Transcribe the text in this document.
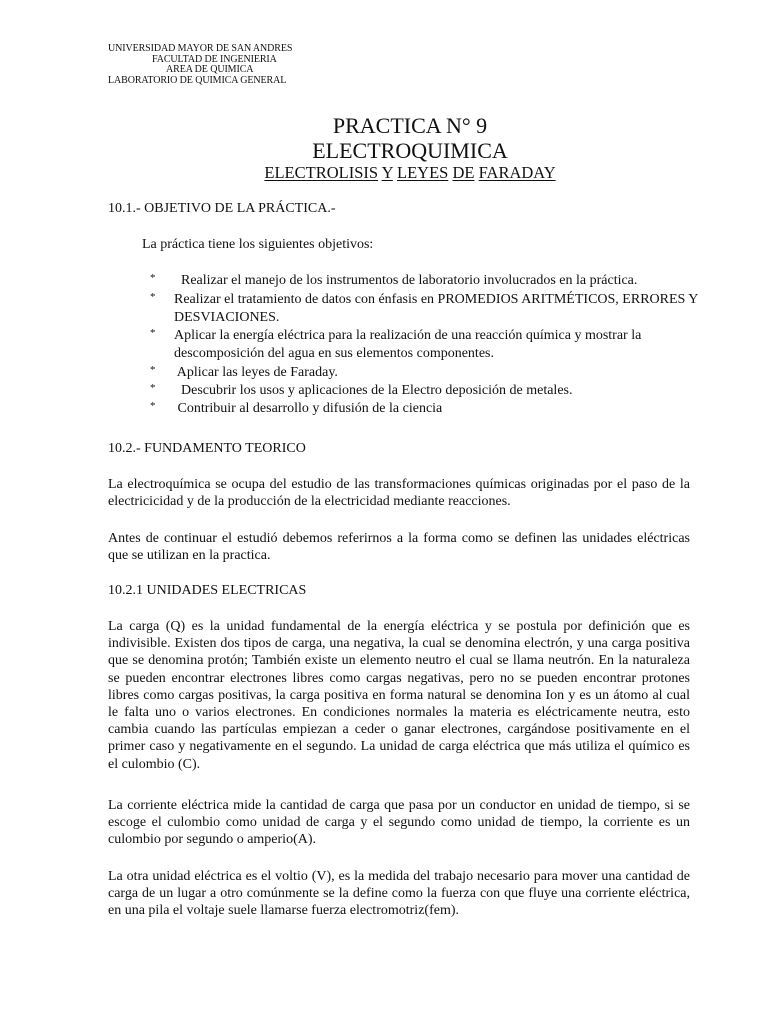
UNIVERSIDAD MAYOR DE SAN ANDRES
FACULTAD DE INGENIERIA
AREA DE QUIMICA
LABORATORIO DE QUIMICA GENERAL
PRACTICA N° 9
ELECTROQUIMICA
ELECTROLISIS Y LEYES DE FARADAY
10.1.- OBJETIVO DE LA PRÁCTICA.-
La práctica tiene los siguientes objetivos:
* Realizar el manejo de los instrumentos de laboratorio involucrados en la práctica.
* Realizar el tratamiento de datos con énfasis en PROMEDIOS ARITMÉTICOS, ERRORES Y DESVIACIONES.
* Aplicar la energía eléctrica para la realización de una reacción química y mostrar la descomposición del agua en sus elementos componentes.
* Aplicar las leyes de Faraday.
* Descubrir los usos y aplicaciones de la Electro deposición de metales.
* Contribuir al desarrollo y difusión de la ciencia
10.2.- FUNDAMENTO TEORICO
La electroquímica se ocupa del estudio de las transformaciones químicas originadas por el paso de la electricicidad y de la producción de la electricidad mediante reacciones.
Antes de continuar el estudió debemos referirnos a la forma como se definen las unidades eléctricas que se utilizan en la practica.
10.2.1 UNIDADES ELECTRICAS
La carga (Q) es la unidad fundamental de la energía eléctrica y se postula por definición que es indivisible. Existen dos tipos de carga, una negativa, la cual se denomina electrón, y una carga positiva que se denomina protón; También existe un elemento neutro el cual se llama neutrón. En la naturaleza se pueden encontrar electrones libres como cargas negativas, pero no se pueden encontrar protones libres como cargas positivas, la carga positiva en forma natural se denomina Ion y es un átomo al cual le falta uno o varios electrones. En condiciones normales la materia es eléctricamente neutra, esto cambia cuando las partículas empiezan a ceder o ganar electrones, cargándose positivamente en el primer caso y negativamente en el segundo. La unidad de carga eléctrica que más utiliza el químico es el culombio (C).
La corriente eléctrica mide la cantidad de carga que pasa por un conductor en unidad de tiempo, si se escoge el culombio como unidad de carga y el segundo como unidad de tiempo, la corriente es un culombio por segundo o amperio(A).
La otra unidad eléctrica es el voltio (V), es la medida del trabajo necesario para mover una cantidad de carga de un lugar a otro comúnmente se la define como la fuerza con que fluye una corriente eléctrica, en una pila el voltaje suele llamarse fuerza electromotriz(fem).
